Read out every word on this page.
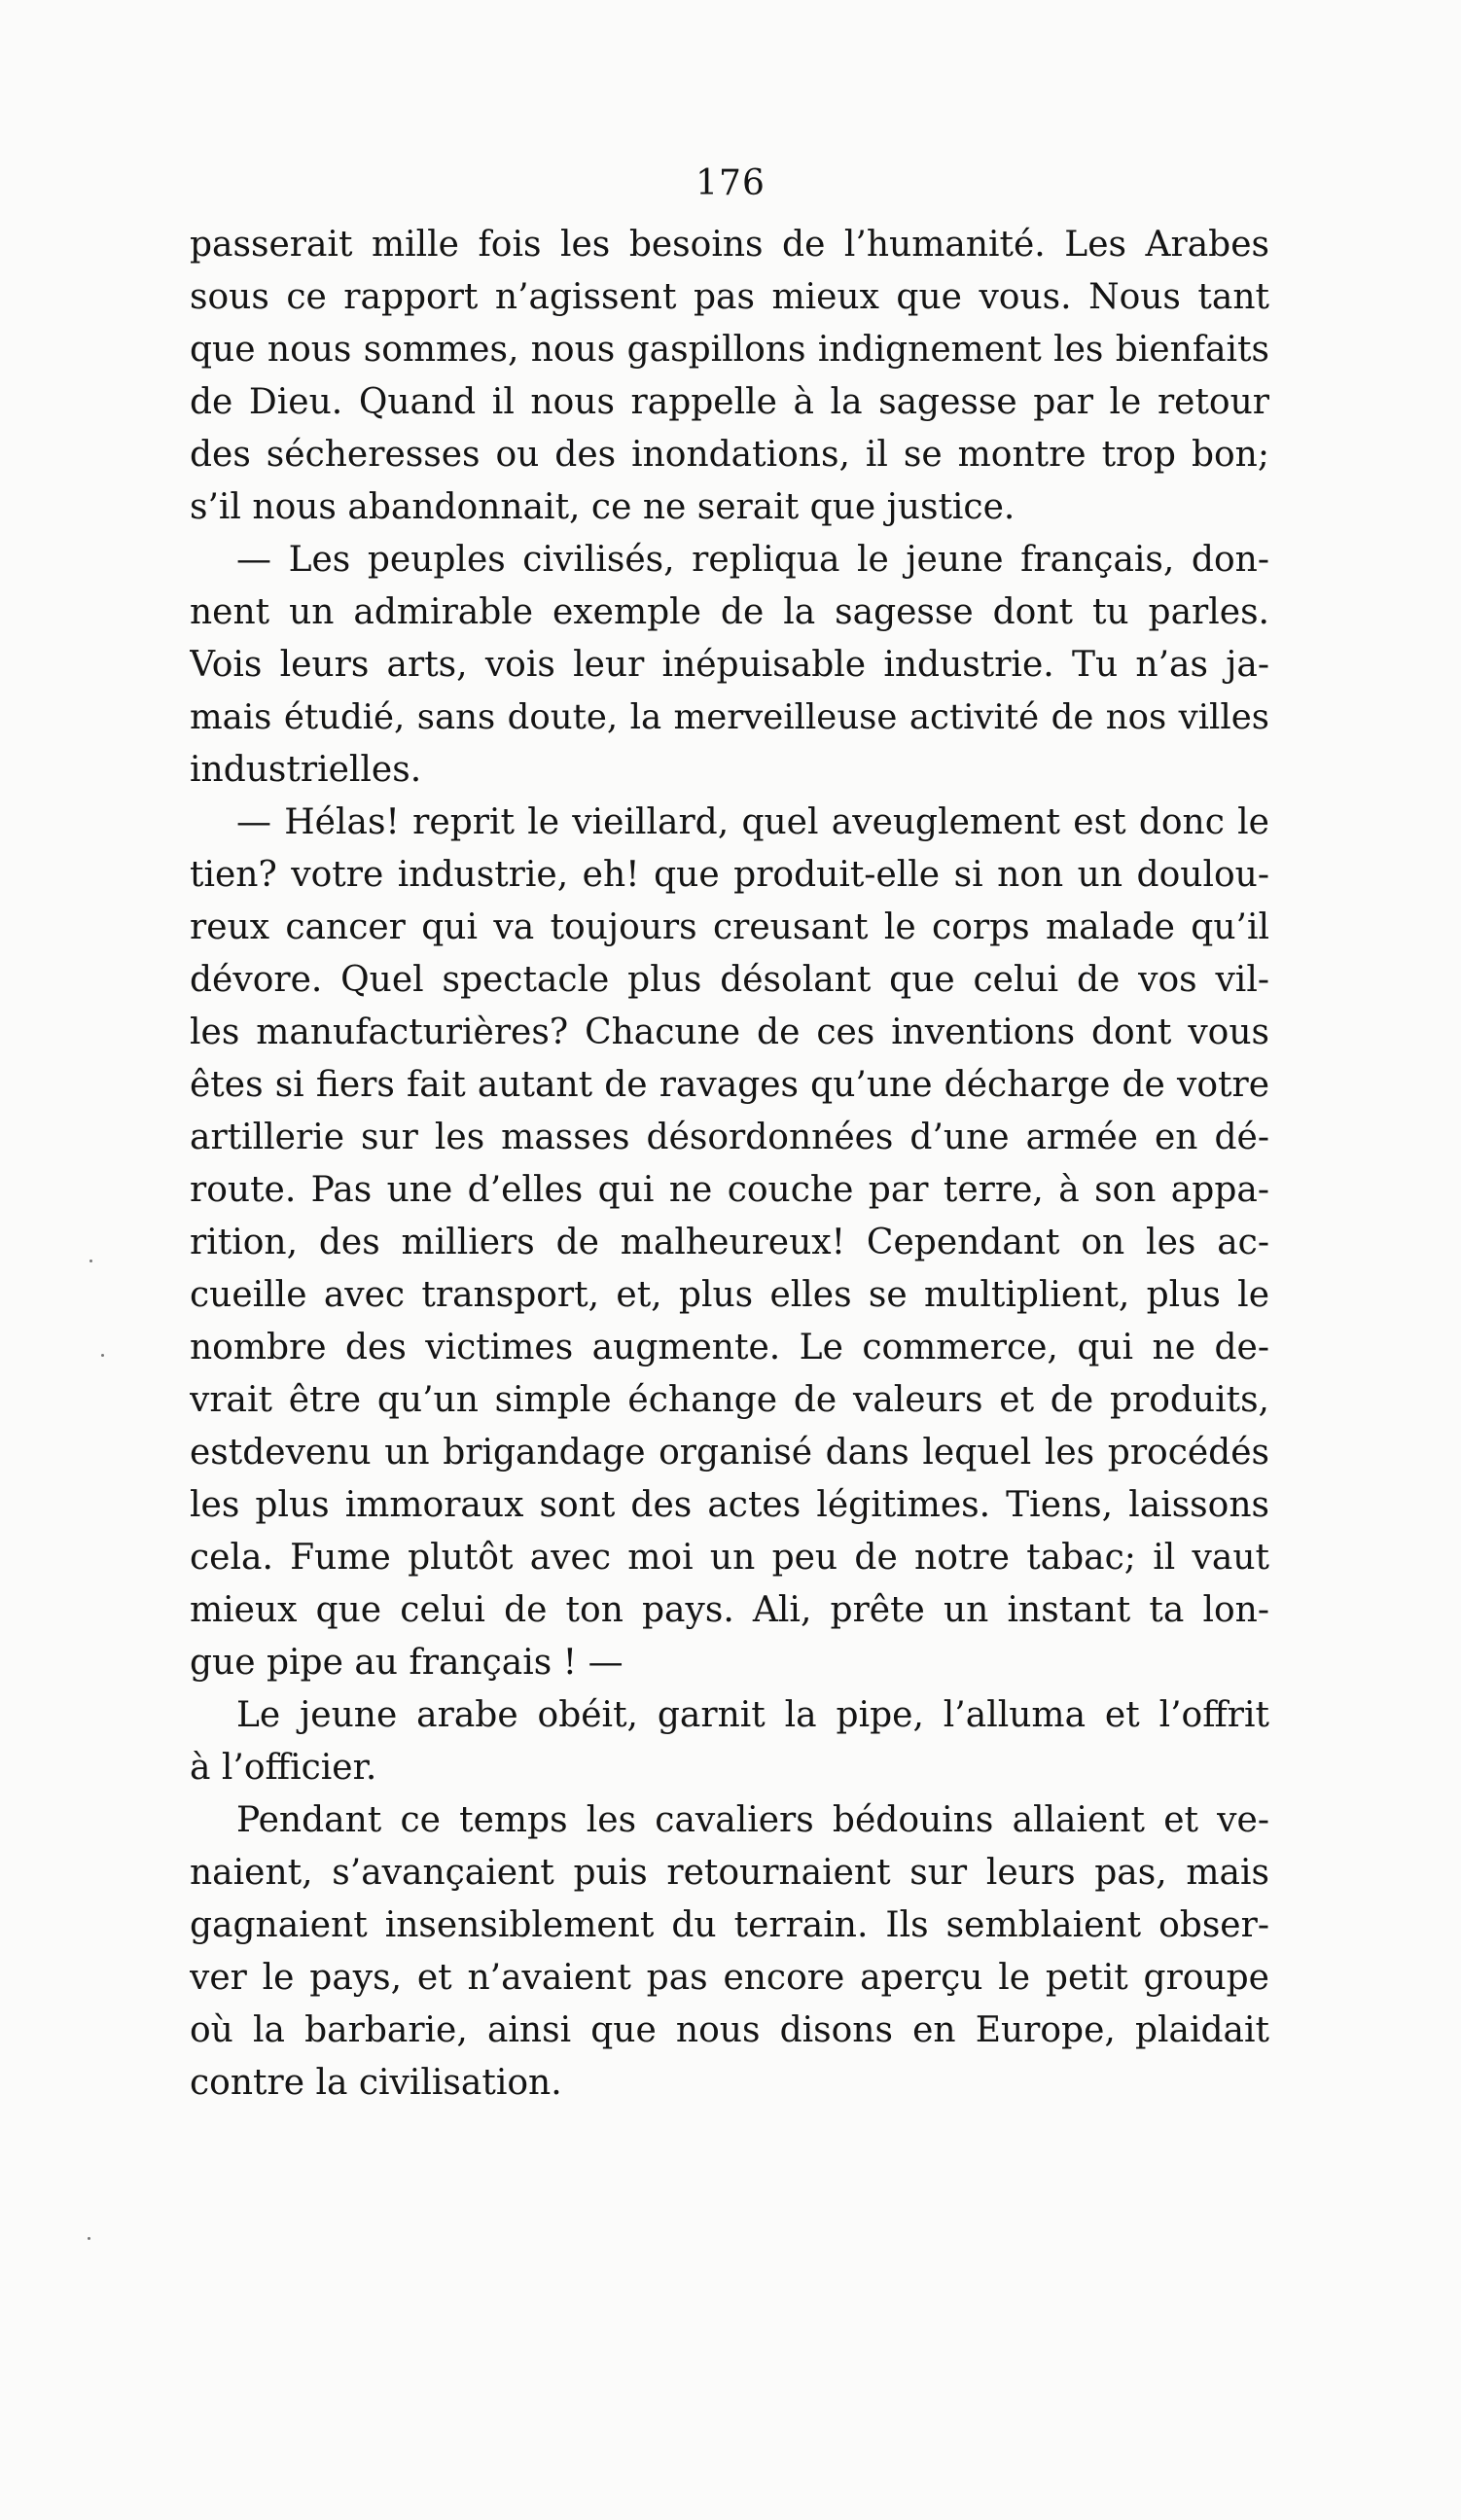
176
passerait mille fois les besoins de l’humanité. Les Arabes
sous ce rapport n’agissent pas mieux que vous. Nous tant
que nous sommes, nous gaspillons indignement les bienfaits
de Dieu. Quand il nous rappelle à la sagesse par le retour
des sécheresses ou des inondations, il se montre trop bon;
s’il nous abandonnait, ce ne serait que justice.
— Les peuples civilisés, repliqua le jeune français, don-
nent un admirable exemple de la sagesse dont tu parles.
Vois leurs arts, vois leur inépuisable industrie. Tu n’as ja-
mais étudié, sans doute, la merveilleuse activité de nos villes
industrielles.
— Hélas! reprit le vieillard, quel aveuglement est donc le
tien? votre industrie, eh! que produit-elle si non un doulou-
reux cancer qui va toujours creusant le corps malade qu’il
dévore. Quel spectacle plus désolant que celui de vos vil-
les manufacturières? Chacune de ces inventions dont vous
êtes si fiers fait autant de ravages qu’une décharge de votre
artillerie sur les masses désordonnées d’une armée en dé-
route. Pas une d’elles qui ne couche par terre, à son appa-
rition, des milliers de malheureux! Cependant on les ac-
cueille avec transport, et, plus elles se multiplient, plus le
nombre des victimes augmente. Le commerce, qui ne de-
vrait être qu’un simple échange de valeurs et de produits,
estdevenu un brigandage organisé dans lequel les procédés
les plus immoraux sont des actes légitimes. Tiens, laissons
cela. Fume plutôt avec moi un peu de notre tabac; il vaut
mieux que celui de ton pays. Ali, prête un instant ta lon-
gue pipe au français ! —
Le jeune arabe obéit, garnit la pipe, l’alluma et l’offrit
à l’officier.
Pendant ce temps les cavaliers bédouins allaient et ve-
naient, s’avançaient puis retournaient sur leurs pas, mais
gagnaient insensiblement du terrain. Ils semblaient obser-
ver le pays, et n’avaient pas encore aperçu le petit groupe
où la barbarie, ainsi que nous disons en Europe, plaidait
contre la civilisation.
